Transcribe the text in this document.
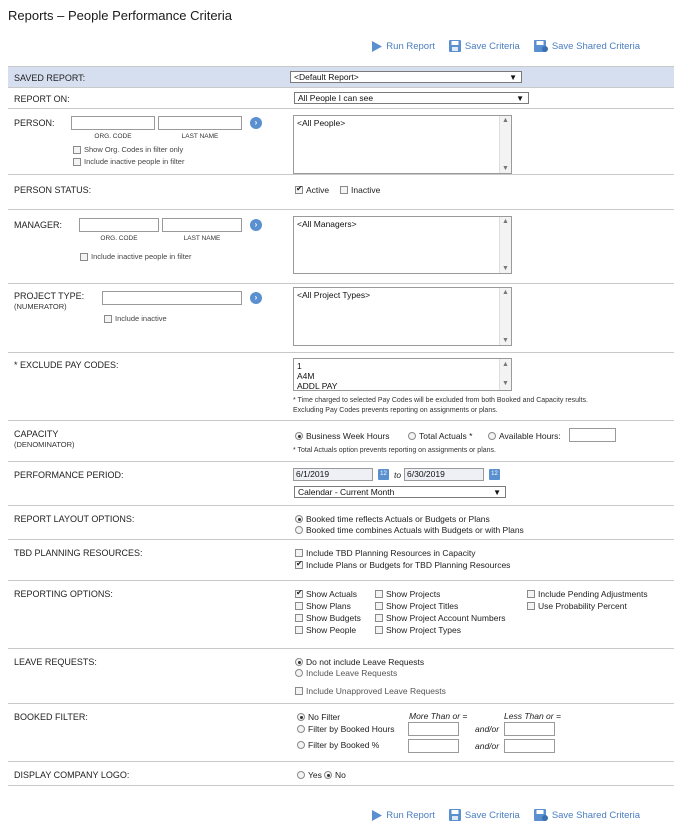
Reports – People Performance Criteria
Run Report	Save Criteria	Save Shared Criteria
SAVED REPORT:	<Default Report>	▼
REPORT ON:	All People I can see	▼
PERSON:	›
ORG. CODE	LAST NAME
Show Org. Codes in filter only
Include inactive people in filter
<All People>	▲
▼
PERSON STATUS: ✔	Active	Inactive
MANAGER:	›
ORG. CODE	LAST NAME
Include inactive people in filter
<All Managers>	▲
▼
PROJECT TYPE:
(NUMERATOR)
›
Include inactive
<All Project Types>	▲
▼
* EXCLUDE PAY CODES:	1
A4M
ADDL PAY
▲
▼
* Time charged to selected Pay Codes will be excluded from both Booked and Capacity results.
Excluding Pay Codes prevents reporting on assignments or plans.
CAPACITY
(DENOMINATOR)
Business Week Hours	Total Actuals *	Available Hours:
* Total Actuals option prevents reporting on assignments or plans.
PERFORMANCE PERIOD:	6/1/2019	12 to 6/30/2019	12
Calendar - Current Month	▼
REPORT LAYOUT OPTIONS:	Booked time reflects Actuals or Budgets or Plans
Booked time combines Actuals with Budgets or with Plans
TBD PLANNING RESOURCES:	Include TBD Planning Resources in Capacity
✔
Include Plans or Budgets for TBD Planning Resources
REPORTING OPTIONS: ✔	Show Actuals
Show Plans
Show Budgets
Show People
Show Projects
Show Project Titles
Show Project Account Numbers
Show Project Types
Include Pending Adjustments
Use Probability Percent
LEAVE REQUESTS:	Do not include Leave Requests
Include Leave Requests
Include Unapproved Leave Requests
BOOKED FILTER:	More Than or =	Less Than or =
No Filter
Filter by Booked Hours	and/or
Filter by Booked %	and/or
DISPLAY COMPANY LOGO:	Yes No
Run Report	Save Criteria	Save Shared Criteria
